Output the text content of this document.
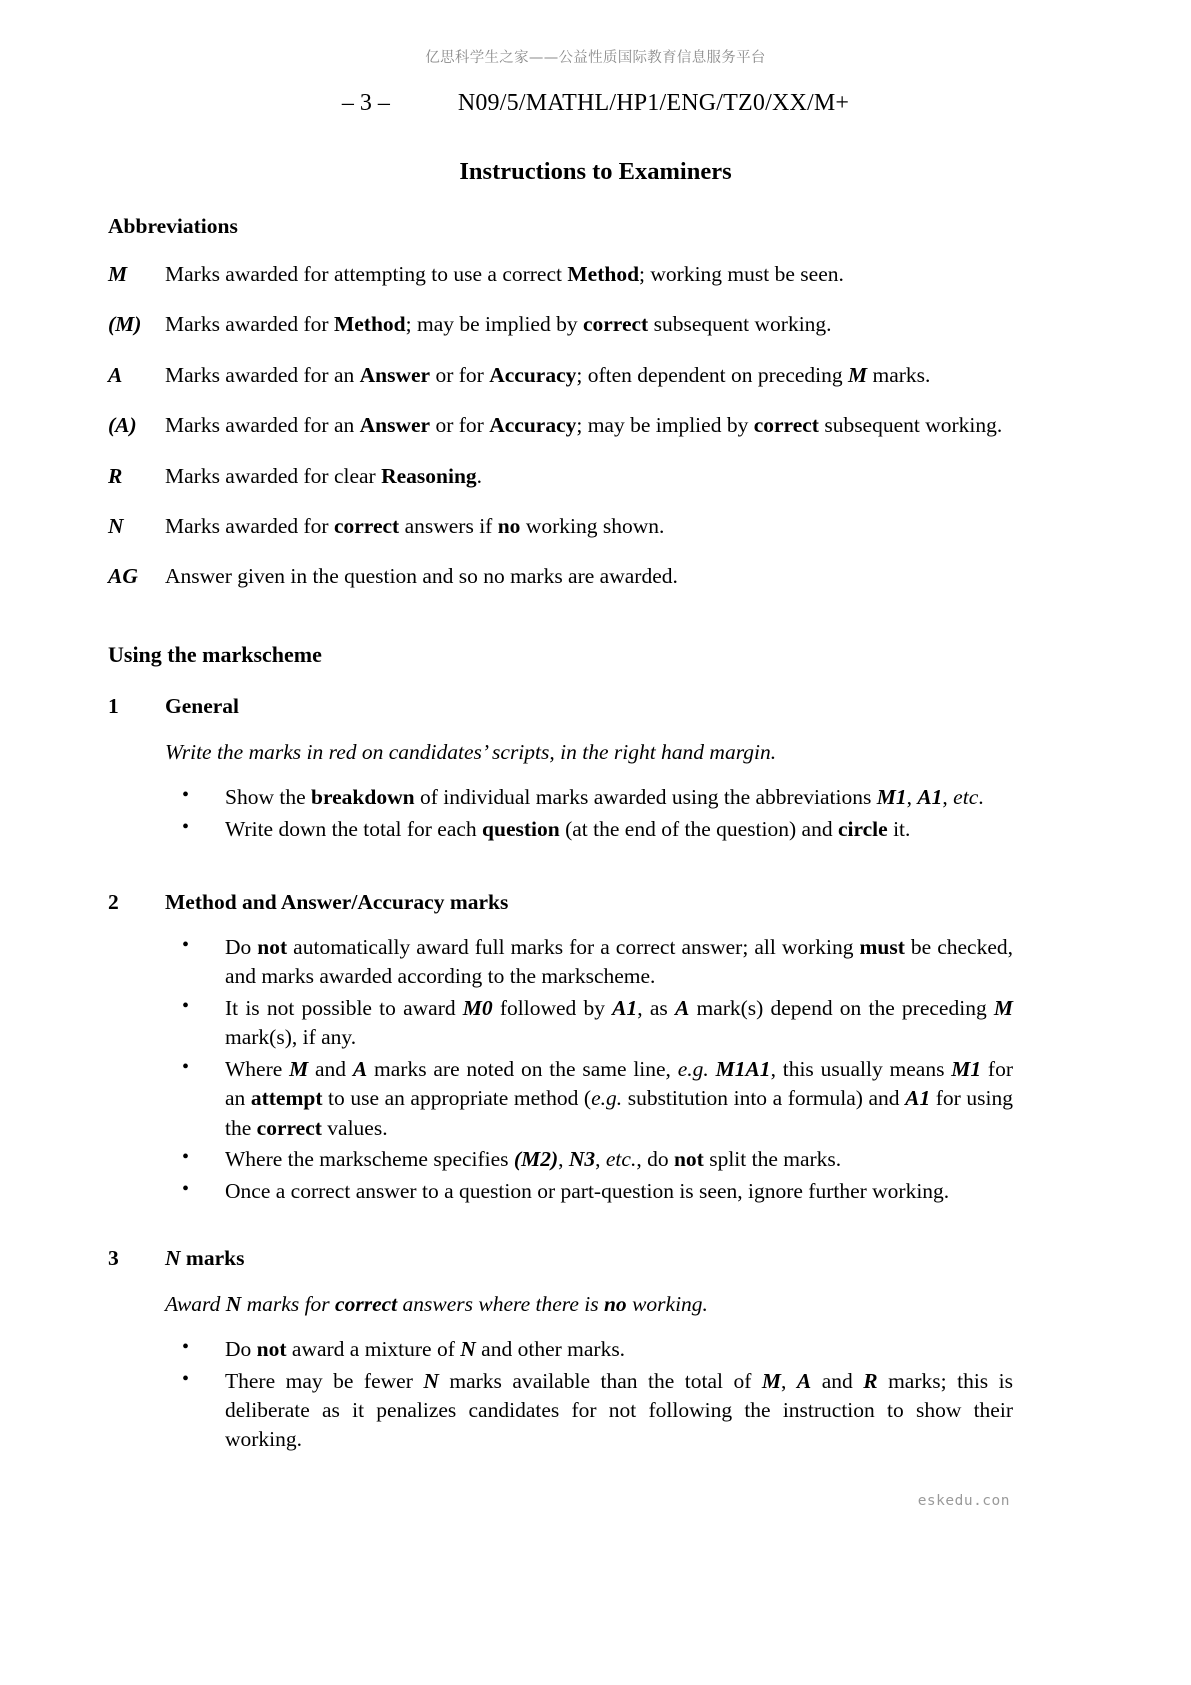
亿思科学生之家——公益性质国际教育信息服务平台
– 3 –	N09/5/MATHL/HP1/ENG/TZ0/XX/M+
Instructions to Examiners
Abbreviations
M	Marks awarded for attempting to use a correct Method; working must be seen.
(M)	Marks awarded for Method; may be implied by correct subsequent working.
A	Marks awarded for an Answer or for Accuracy; often dependent on preceding M marks.
(A)	Marks awarded for an Answer or for Accuracy; may be implied by correct subsequent working.
R	Marks awarded for clear Reasoning.
N	Marks awarded for correct answers if no working shown.
AG	Answer given in the question and so no marks are awarded.
Using the markscheme
1	General
Write the marks in red on candidates’ scripts, in the right hand margin.
• Show the breakdown of individual marks awarded using the abbreviations M1, A1, etc.
• Write down the total for each question (at the end of the question) and circle it.
2	Method and Answer/Accuracy marks
• Do not automatically award full marks for a correct answer; all working must be checked, and marks awarded according to the markscheme.
• It is not possible to award M0 followed by A1, as A mark(s) depend on the preceding M mark(s), if any.
• Where M and A marks are noted on the same line, e.g. M1A1, this usually means M1 for an attempt to use an appropriate method (e.g. substitution into a formula) and A1 for using the correct values.
• Where the markscheme specifies (M2), N3, etc., do not split the marks.
• Once a correct answer to a question or part-question is seen, ignore further working.
3	N marks
Award N marks for correct answers where there is no working.
• Do not award a mixture of N and other marks.
• There may be fewer N marks available than the total of M, A and R marks; this is deliberate as it penalizes candidates for not following the instruction to show their working.
eskedu.con
